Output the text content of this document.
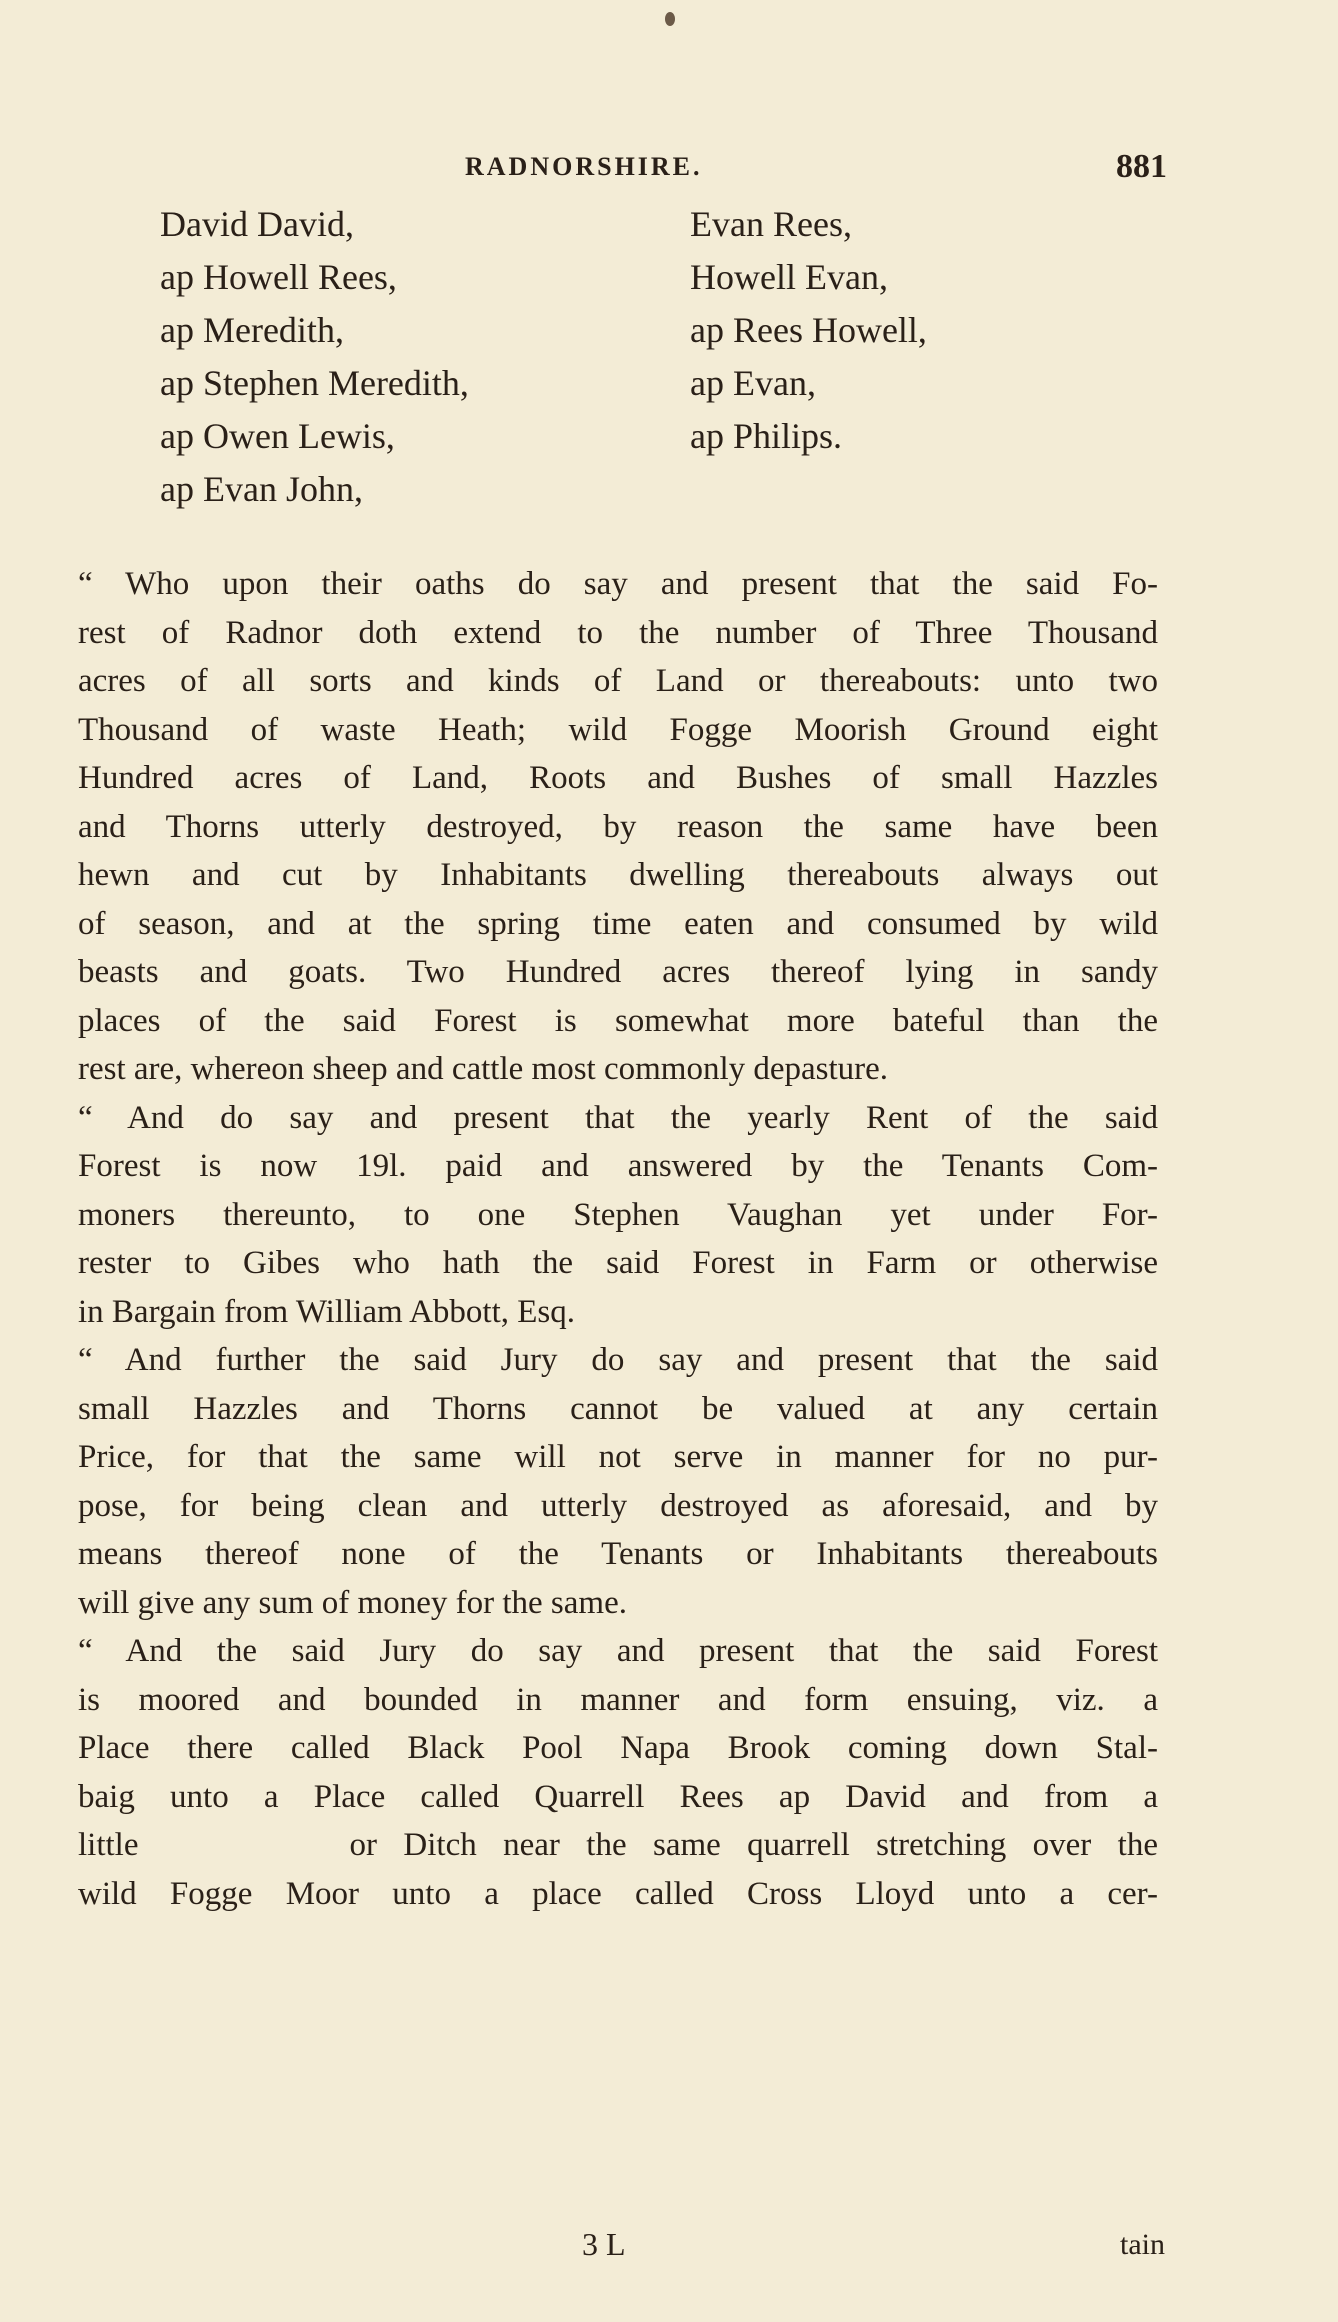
RADNORSHIRE.	881
David David,
ap Howell Rees,
ap Meredith,
ap Stephen Meredith,
ap Owen Lewis,
ap Evan John,
Evan Rees,
Howell Evan,
ap Rees Howell,
ap Evan,
ap Philips.
“ Who upon their oaths do say and present that the said Fo-
rest of Radnor doth extend to the number of Three Thousand
acres of all sorts and kinds of Land or thereabouts: unto two
Thousand of waste Heath; wild Fogge Moorish Ground eight
Hundred acres of Land, Roots and Bushes of small Hazzles
and Thorns utterly destroyed, by reason the same have been
hewn and cut by Inhabitants dwelling thereabouts always out
of season, and at the spring time eaten and consumed by wild
beasts and goats. Two Hundred acres thereof lying in sandy
places of the said Forest is somewhat more bateful than the
rest are, whereon sheep and cattle most commonly depasture.
“ And do say and present that the yearly Rent of the said
Forest is now 19l. paid and answered by the Tenants Com-
moners thereunto, to one Stephen Vaughan yet under For-
rester to Gibes who hath the said Forest in Farm or otherwise
in Bargain from William Abbott, Esq.
“ And further the said Jury do say and present that the said
small Hazzles and Thorns cannot be valued at any certain
Price, for that the same will not serve in manner for no pur-
pose, for being clean and utterly destroyed as aforesaid, and by
means thereof none of the Tenants or Inhabitants thereabouts
will give any sum of money for the same.
“ And the said Jury do say and present that the said Forest
is moored and bounded in manner and form ensuing, viz. a
Place there called Black Pool Napa Brook coming down Stal-
baig unto a Place called Quarrell Rees ap David and from a
little        or Ditch near the same quarrell stretching over the
wild Fogge Moor unto a place called Cross Lloyd unto a cer-
3 L	tain
